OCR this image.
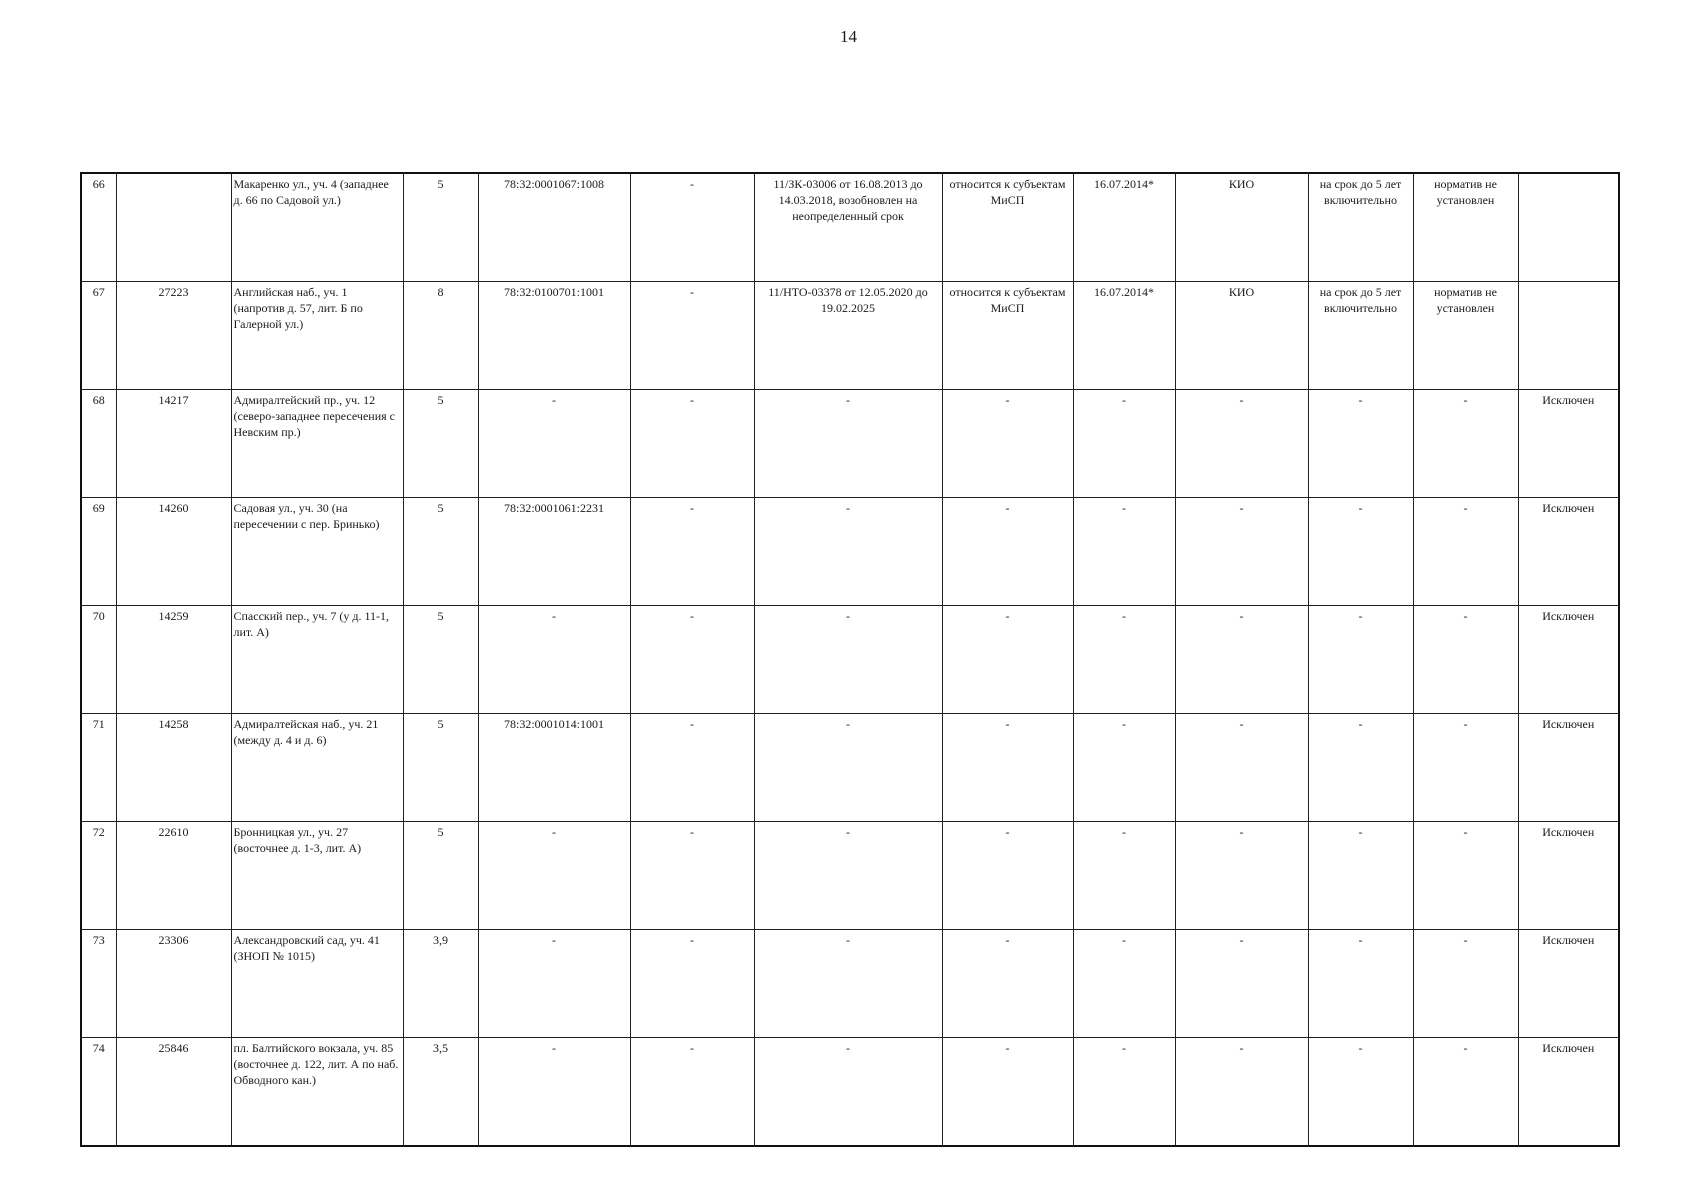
14
66		Макаренко ул., уч. 4 (западнее д. 66 по Садовой ул.)	5	78:32:0001067:1008	-	11/ЗК-03006 от 16.08.2013 до 14.03.2018, возобновлен на неопределенный срок	относится к субъектам МиСП	16.07.2014*	КИО	на срок до 5 лет включительно	норматив не установлен	
67	27223	Английская наб., уч. 1 (напротив д. 57, лит. Б по Галерной ул.)	8	78:32:0100701:1001	-	11/НТО-03378 от 12.05.2020 до 19.02.2025	относится к субъектам МиСП	16.07.2014*	КИО	на срок до 5 лет включительно	норматив не установлен	
68	14217	Адмиралтейский пр., уч. 12 (северо-западнее пересечения с Невским пр.)	5	-	-	-	-	-	-	-	-	Исключен
69	14260	Садовая ул., уч. 30 (на пересечении с пер. Бринько)	5	78:32:0001061:2231	-	-	-	-	-	-	-	Исключен
70	14259	Спасский пер., уч. 7 (у д. 11-1, лит. А)	5	-	-	-	-	-	-	-	-	Исключен
71	14258	Адмиралтейская наб., уч. 21 (между д. 4 и д. 6)	5	78:32:0001014:1001	-	-	-	-	-	-	-	Исключен
72	22610	Бронницкая ул., уч. 27 (восточнее д. 1-3, лит. А)	5	-	-	-	-	-	-	-	-	Исключен
73	23306	Александровский сад, уч. 41 (ЗНОП № 1015)	3,9	-	-	-	-	-	-	-	-	Исключен
74	25846	пл. Балтийского вокзала, уч. 85 (восточнее д. 122, лит. А по наб. Обводного кан.)	3,5	-	-	-	-	-	-	-	-	Исключен
